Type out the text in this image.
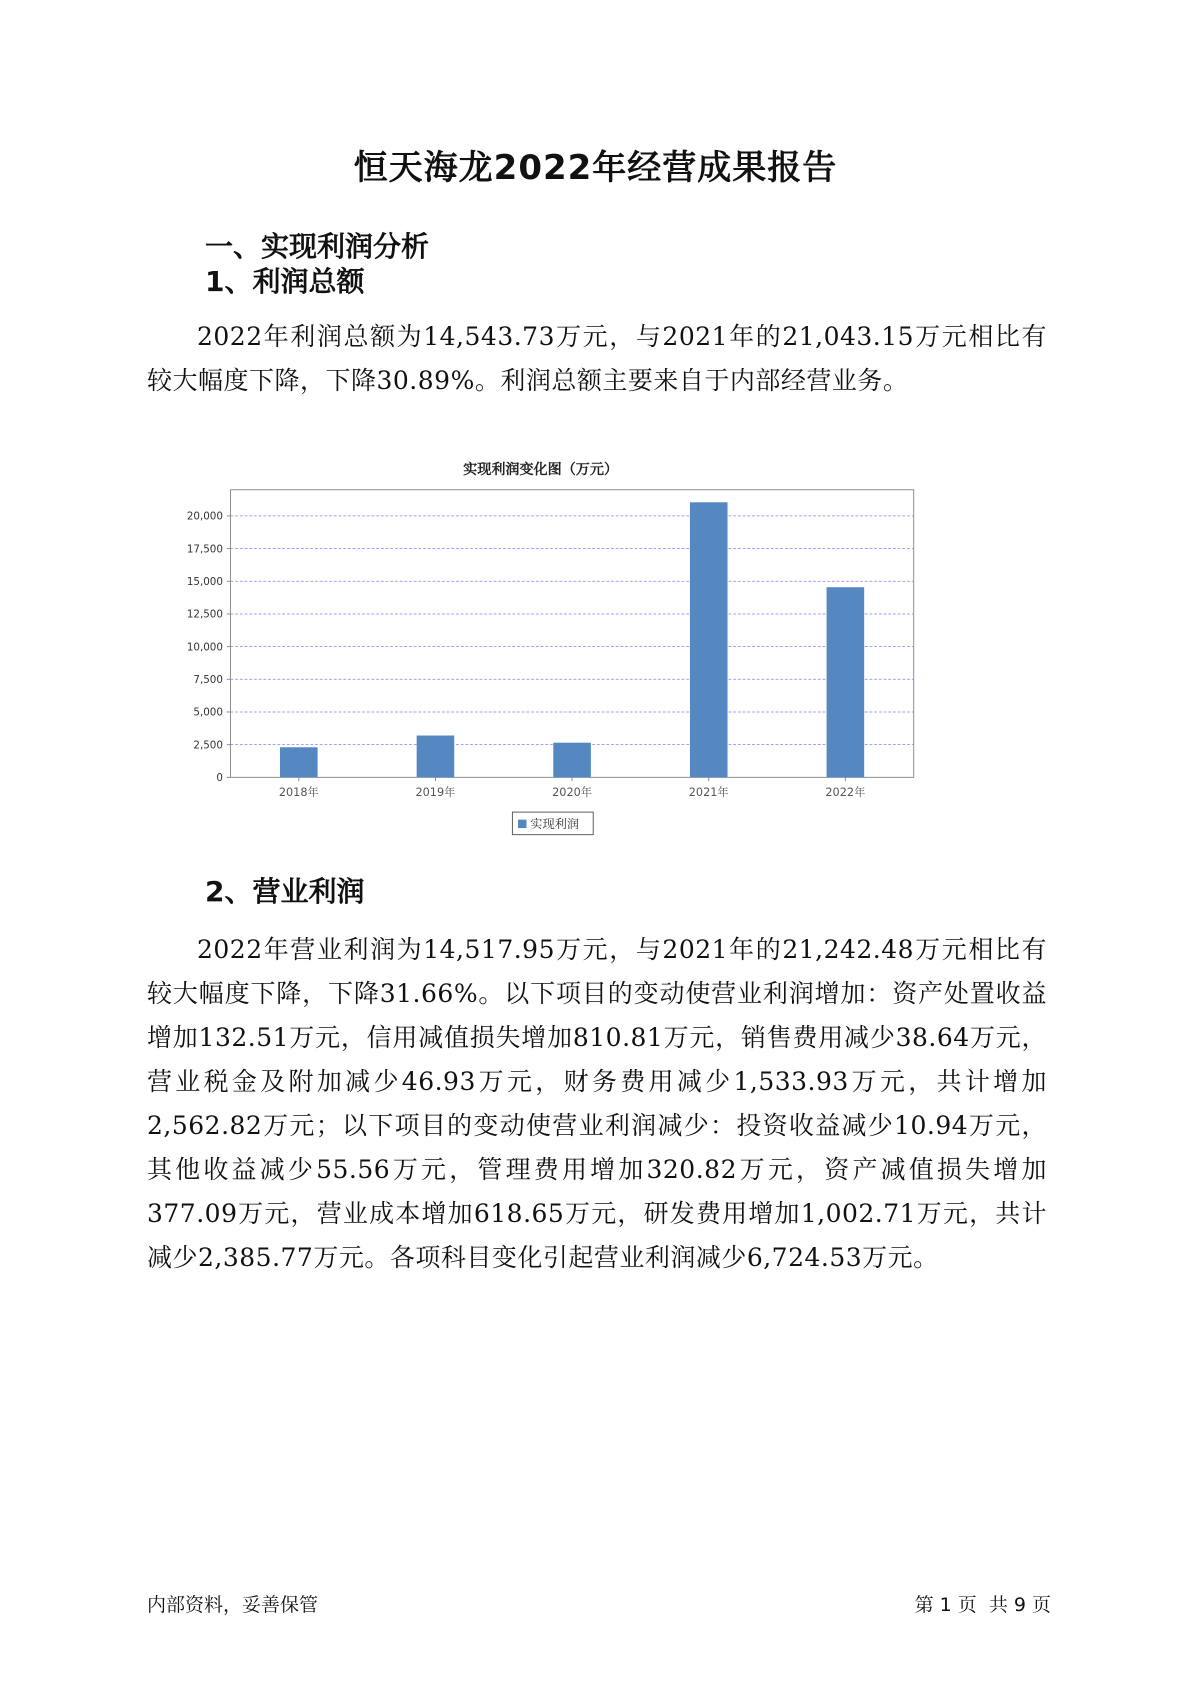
恒天海龙2022年经营成果报告
一、实现利润分析
1、利润总额
2022年利润总额为14,543.73万元，与2021年的21,043.15万元相比有较大幅度下降，下降30.89%。利润总额主要来自于内部经营业务。
实现利润变化图（万元）
0
2,500
5,000
7,500
10,000
12,500
15,000
17,500
20,000
2018年	2019年	2020年	2021年	2022年
实现利润
2、营业利润
2022年营业利润为14,517.95万元，与2021年的21,242.48万元相比有较大幅度下降，下降31.66%。以下项目的变动使营业利润增加：资产处置收益增加132.51万元，信用减值损失增加810.81万元，销售费用减少38.64万元，营业税金及附加减少46.93万元，财务费用减少1,533.93万元，共计增加2,562.82万元；以下项目的变动使营业利润减少：投资收益减少10.94万元，其他收益减少55.56万元，管理费用增加320.82万元，资产减值损失增加377.09万元，营业成本增加618.65万元，研发费用增加1,002.71万元，共计减少2,385.77万元。各项科目变化引起营业利润减少6,724.53万元。
内部资料，妥善保管	第 1 页  共 9 页
